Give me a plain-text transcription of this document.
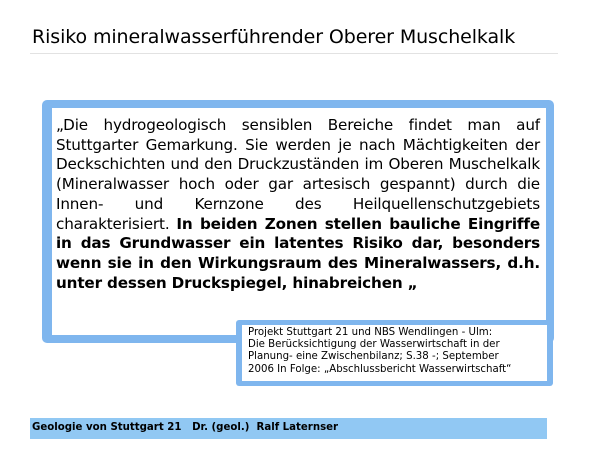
Risiko mineralwasserführender Oberer Muschelkalk

„Die hydrogeologisch sensiblen Bereiche findet man auf Stuttgarter Gemarkung. Sie werden je nach Mächtigkeiten der Deckschichten und den Druckzuständen im Oberen Muschelkalk (Mineralwasser hoch oder gar artesisch gespannt) durch die Innen- und Kernzone des Heilquellenschutzgebiets charakterisiert. In beiden Zonen stellen bauliche Eingriffe in das Grundwasser ein latentes Risiko dar, besonders wenn sie in den Wirkungsraum des Mineralwassers, d.h. unter dessen Druckspiegel, hinabreichen „

Projekt Stuttgart 21 und NBS Wendlingen - Ulm:
Die Berücksichtigung der Wasserwirtschaft in der
Planung- eine Zwischenbilanz; S.38 -; September
2006 In Folge: „Abschlussbericht Wasserwirtschaft“
Geologie von Stuttgart 21   Dr. (geol.)  Ralf Laternser
